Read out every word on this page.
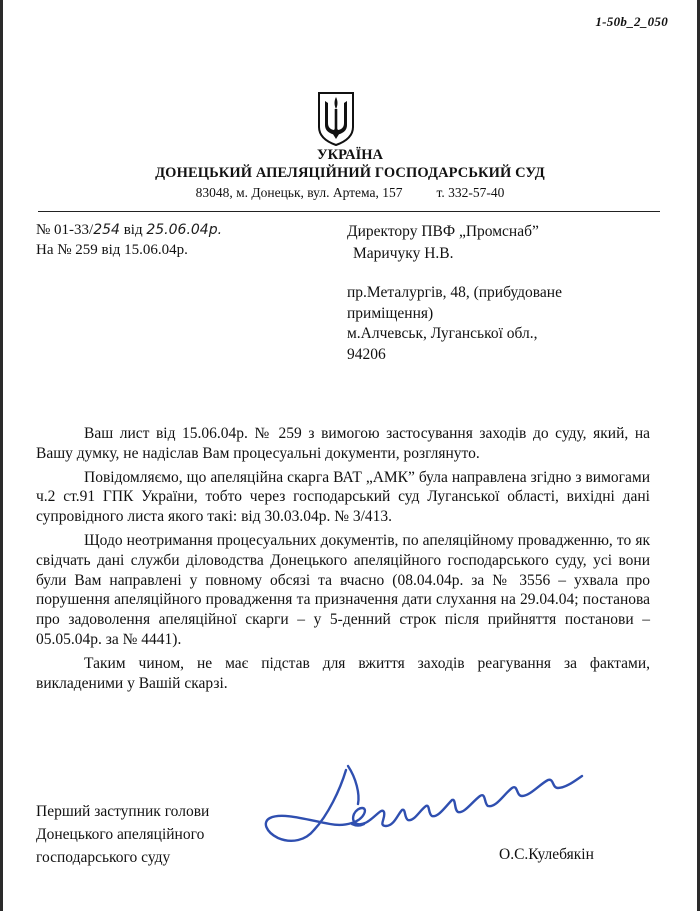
1-50b_2_050
УКРАЇНА
ДОНЕЦЬКИЙ АПЕЛЯЦІЙНИЙ ГОСПОДАРСЬКИЙ СУД
83048, м. Донецьк, вул. Артема, 157	т. 332-57-40
№ 01-33/254 від 25.06.04р.
На № 259 від 15.06.04р.
Директору ПВФ „Промснаб”
Маричуку Н.В.
пр.Металургів, 48, (прибудоване
приміщення)
м.Алчевськ, Луганської обл.,
94206

Ваш лист від 15.06.04р. № 259 з вимогою застосування заходів до суду, який, на Вашу думку, не надіслав Вам процесуальні документи, розглянуто.

Повідомляємо, що апеляційна скарга ВАТ „АМК” була направлена згідно з вимогами ч.2 ст.91 ГПК України, тобто через господарський суд Луганської області, вихідні дані супровідного листа якого такі: від 30.03.04р. № 3/413.

Щодо неотримання процесуальних документів, по апеляційному провадженню, то як свідчать дані служби діловодства Донецького апеляційного господарського суду, усі вони були Вам направлені у повному обсязі та вчасно (08.04.04р. за № 3556 – ухвала про порушення апеляційного провадження та призначення дати слухання на 29.04.04; постанова про задоволення апеляційної скарги – у 5-денний строк після прийняття постанови – 05.05.04р. за № 4441).

Таким чином, не має підстав для вжиття заходів реагування за фактами, викладеними у Вашій скарзі.

Перший заступник голови
Донецького апеляційного
господарського суду	О.С.Кулебякін
